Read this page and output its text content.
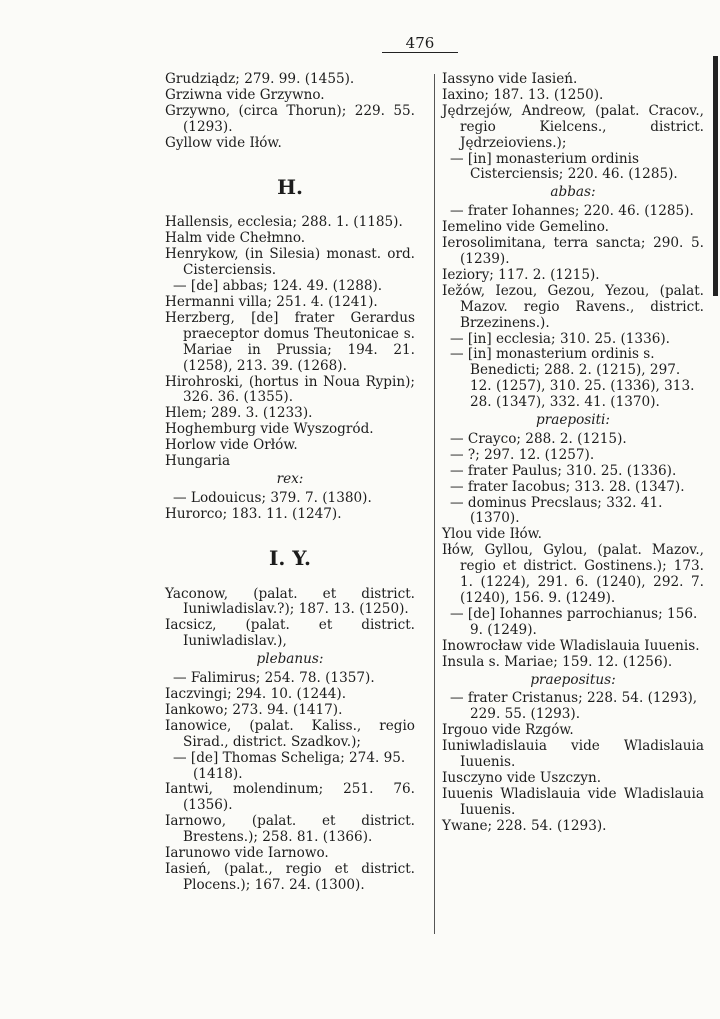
476
Grudziądz; 279. 99. (1455).
Grziwna vide Grzywno.
Grzywno, (circa Thorun); 229. 55. (1293).
Gyllow vide Iłów.
H.
Hallensis, ecclesia; 288. 1. (1185).
Halm vide Chełmno.
Henrykow, (in Silesia) monast. ord. Cisterciensis.
— [de] abbas; 124. 49. (1288).
Hermanni villa; 251. 4. (1241).
Herzberg, [de] frater Gerardus praeceptor domus Theutonicae s. Mariae in Prussia; 194. 21. (1258), 213. 39. (1268).
Hirohroski, (hortus in Noua Rypin); 326. 36. (1355).
Hlem; 289. 3. (1233).
Hoghemburg vide Wyszogród.
Horlow vide Orłów.
Hungaria
rex:
— Lodouicus; 379. 7. (1380).
Hurorco; 183. 11. (1247).
I. Y.
Yaconow, (palat. et district. Iuniwladislav.?); 187. 13. (1250).
Iacsicz, (palat. et district. Iuniwladislav.),
plebanus:
— Falimirus; 254. 78. (1357).
Iaczvingi; 294. 10. (1244).
Iankowo; 273. 94. (1417).
Ianowice, (palat. Kaliss., regio Sirad., district. Szadkov.);
— [de] Thomas Scheliga; 274. 95. (1418).
Iantwi, molendinum; 251. 76. (1356).
Iarnowo, (palat. et district. Brestens.); 258. 81. (1366).
Iarunowo vide Iarnowo.
Iasień, (palat., regio et district. Plocens.); 167. 24. (1300).
Iassyno vide Iasień.
Iaxino; 187. 13. (1250).
Jędrzejów, Andreow, (palat. Cracov., regio Kielcens., district. Jędrzeioviens.);
— [in] monasterium ordinis Cisterciensis; 220. 46. (1285).
abbas:
— frater Iohannes; 220. 46. (1285).
Iemelino vide Gemelino.
Ierosolimitana, terra sancta; 290. 5. (1239).
Ieziory; 117. 2. (1215).
Iežów, Iezou, Gezou, Yezou, (palat. Mazov. regio Ravens., district. Brzezinens.).
— [in] ecclesia; 310. 25. (1336).
— [in] monasterium ordinis s. Benedicti; 288. 2. (1215), 297. 12. (1257), 310. 25. (1336), 313. 28. (1347), 332. 41. (1370).
praepositi:
— Crayco; 288. 2. (1215).
— ?; 297. 12. (1257).
— frater Paulus; 310. 25. (1336).
— frater Iacobus; 313. 28. (1347).
— dominus Precslaus; 332. 41. (1370).
Ylou vide Iłów.
Iłów, Gyllou, Gylou, (palat. Mazov., regio et district. Gostinens.); 173. 1. (1224), 291. 6. (1240), 292. 7. (1240), 156. 9. (1249).
— [de] Iohannes parrochianus; 156. 9. (1249).
Inowrocław vide Wladislauia Iuuenis.
Insula s. Mariae; 159. 12. (1256).
praepositus:
— frater Cristanus; 228. 54. (1293), 229. 55. (1293).
Irgouo vide Rzgów.
Iuniwladislauia vide Wladislauia Iuuenis.
Iusczyno vide Uszczyn.
Iuuenis Wladislauia vide Wladislauia Iuuenis.
Ywane; 228. 54. (1293).
